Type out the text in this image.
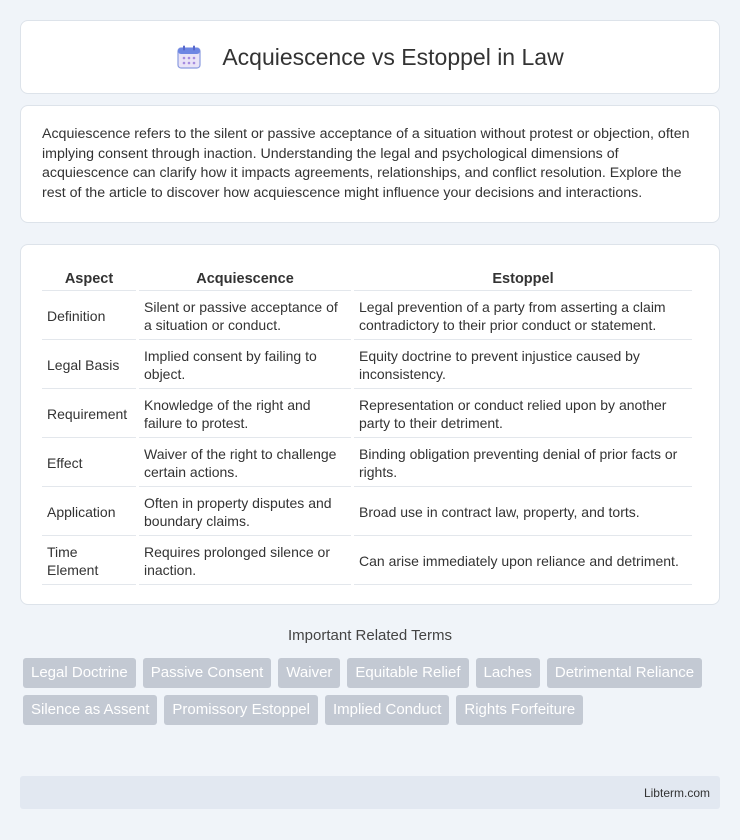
Acquiescence vs Estoppel in Law

Acquiescence refers to the silent or passive acceptance of a situation without protest or objection, often implying consent through inaction. Understanding the legal and psychological dimensions of acquiescence can clarify how it impacts agreements, relationships, and conflict resolution. Explore the rest of the article to discover how acquiescence might influence your decisions and interactions.

Aspect	Acquiescence	Estoppel
Definition	Silent or passive acceptance of a situation or conduct.	Legal prevention of a party from asserting a claim contradictory to their prior conduct or statement.
Legal Basis	Implied consent by failing to object.	Equity doctrine to prevent injustice caused by inconsistency.
Requirement	Knowledge of the right and failure to protest.	Representation or conduct relied upon by another party to their detriment.
Effect	Waiver of the right to challenge certain actions.	Binding obligation preventing denial of prior facts or rights.
Application	Often in property disputes and boundary claims.	Broad use in contract law, property, and torts.
Time Element	Requires prolonged silence or inaction.	Can arise immediately upon reliance and detriment.
Important Related Terms
Legal Doctrine	Passive Consent	Waiver	Equitable Relief	Laches	Detrimental Reliance
Silence as Assent	Promissory Estoppel	Implied Conduct	Rights Forfeiture
Libterm.com
